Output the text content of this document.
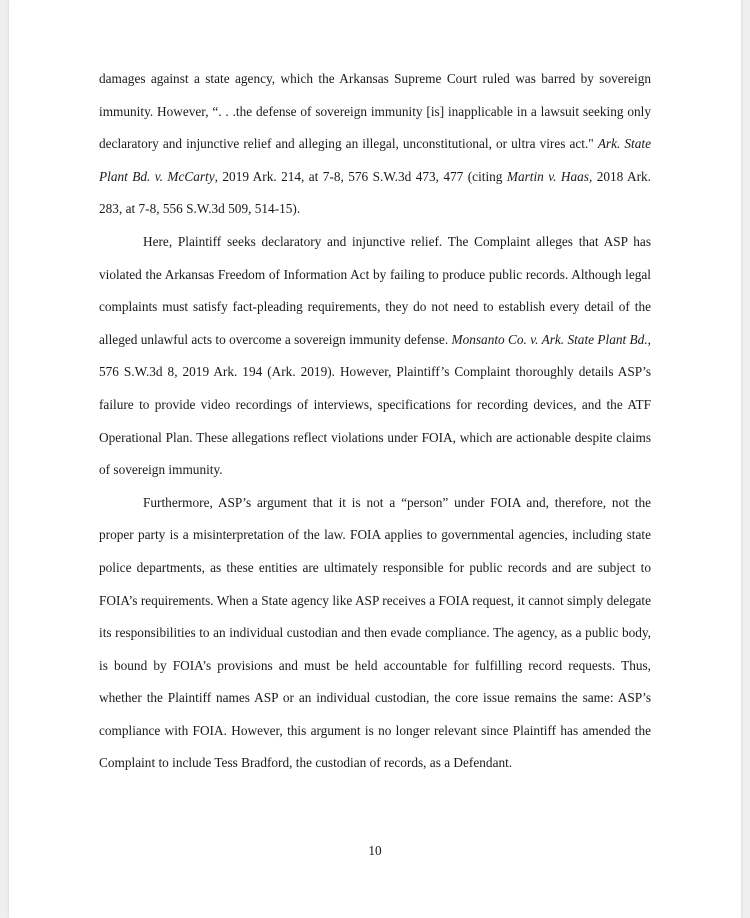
damages against a state agency, which the Arkansas Supreme Court ruled was barred by sovereign immunity. However, “. . .the defense of sovereign immunity [is] inapplicable in a lawsuit seeking only declaratory and injunctive relief and alleging an illegal, unconstitutional, or ultra vires act." Ark. State Plant Bd. v. McCarty, 2019 Ark. 214, at 7-8, 576 S.W.3d 473, 477 (citing Martin v. Haas, 2018 Ark. 283, at 7-8, 556 S.W.3d 509, 514-15).

Here, Plaintiff seeks declaratory and injunctive relief. The Complaint alleges that ASP has violated the Arkansas Freedom of Information Act by failing to produce public records. Although legal complaints must satisfy fact-pleading requirements, they do not need to establish every detail of the alleged unlawful acts to overcome a sovereign immunity defense. Monsanto Co. v. Ark. State Plant Bd., 576 S.W.3d 8, 2019 Ark. 194 (Ark. 2019). However, Plaintiff’s Complaint thoroughly details ASP’s failure to provide video recordings of interviews, specifications for recording devices, and the ATF Operational Plan. These allegations reflect violations under FOIA, which are actionable despite claims of sovereign immunity.

Furthermore, ASP’s argument that it is not a “person” under FOIA and, therefore, not the proper party is a misinterpretation of the law. FOIA applies to governmental agencies, including state police departments, as these entities are ultimately responsible for public records and are subject to FOIA’s requirements. When a State agency like ASP receives a FOIA request, it cannot simply delegate its responsibilities to an individual custodian and then evade compliance. The agency, as a public body, is bound by FOIA’s provisions and must be held accountable for fulfilling record requests. Thus, whether the Plaintiff names ASP or an individual custodian, the core issue remains the same: ASP’s compliance with FOIA. However, this argument is no longer relevant since Plaintiff has amended the Complaint to include Tess Bradford, the custodian of records, as a Defendant.

10
